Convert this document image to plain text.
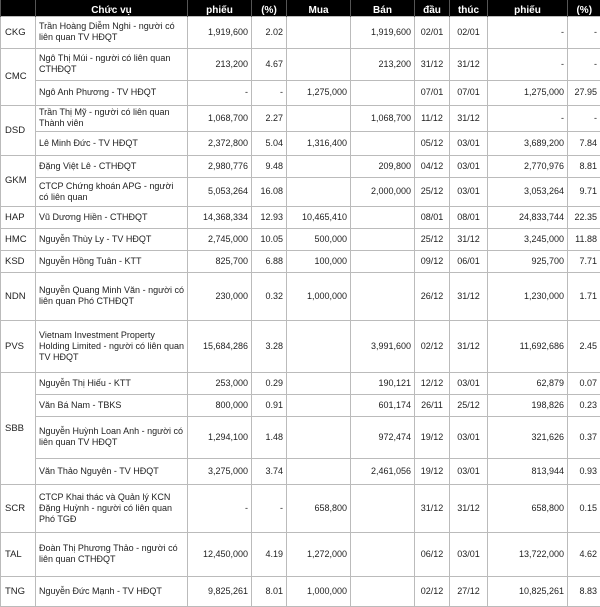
	Chức vụ	phiếu	(%)	Mua	Bán	đầu	thúc	phiếu	(%)
CKG	Trần Hoàng Diễm Nghi - người có liên quan TV HĐQT	1,919,600	2.02		1,919,600	02/01	02/01	-	-
CMC	Ngô Thị Múi - người có liên quan CTHĐQT	213,200	4.67		213,200	31/12	31/12	-	-
	Ngô Anh Phương - TV HĐQT	-	-	1,275,000		07/01	07/01	1,275,000	27.95
DSD	Trần Thị Mỹ - người có liên quan Thành viên	1,068,700	2.27		1,068,700	11/12	31/12	-	-
	Lê Minh Đức - TV HĐQT	2,372,800	5.04	1,316,400		05/12	03/01	3,689,200	7.84
GKM	Đặng Việt Lê - CTHĐQT	2,980,776	9.48		209,800	04/12	03/01	2,770,976	8.81
	CTCP Chứng khoán APG - người có liên quan	5,053,264	16.08		2,000,000	25/12	03/01	3,053,264	9.71
HAP	Vũ Dương Hiền - CTHĐQT	14,368,334	12.93	10,465,410		08/01	08/01	24,833,744	22.35
HMC	Nguyễn Thùy Ly - TV HĐQT	2,745,000	10.05	500,000		25/12	31/12	3,245,000	11.88
KSD	Nguyễn Hồng Tuân - KTT	825,700	6.88	100,000		09/12	06/01	925,700	7.71
NDN	Nguyễn Quang Minh Văn - người có liên quan Phó CTHĐQT	230,000	0.32	1,000,000		26/12	31/12	1,230,000	1.71
PVS	Vietnam Investment Property Holding Limited - người có liên quan TV HĐQT	15,684,286	3.28		3,991,600	02/12	31/12	11,692,686	2.45
SBB	Nguyễn Thị Hiếu - KTT	253,000	0.29		190,121	12/12	03/01	62,879	0.07
	Văn Bá Nam - TBKS	800,000	0.91		601,174	26/11	25/12	198,826	0.23
	Nguyễn Huỳnh Loan Anh - người có liên quan TV HĐQT	1,294,100	1.48		972,474	19/12	03/01	321,626	0.37
	Văn Thảo Nguyên - TV HĐQT	3,275,000	3.74		2,461,056	19/12	03/01	813,944	0.93
SCR	CTCP Khai thác và Quản lý KCN Đặng Huỳnh - người có liên quan Phó TGĐ	-	-	658,800		31/12	31/12	658,800	0.15
TAL	Đoàn Thị Phương Thảo - người có liên quan CTHĐQT	12,450,000	4.19	1,272,000		06/12	03/01	13,722,000	4.62
TNG	Nguyễn Đức Mạnh - TV HĐQT	9,825,261	8.01	1,000,000		02/12	27/12	10,825,261	8.83
